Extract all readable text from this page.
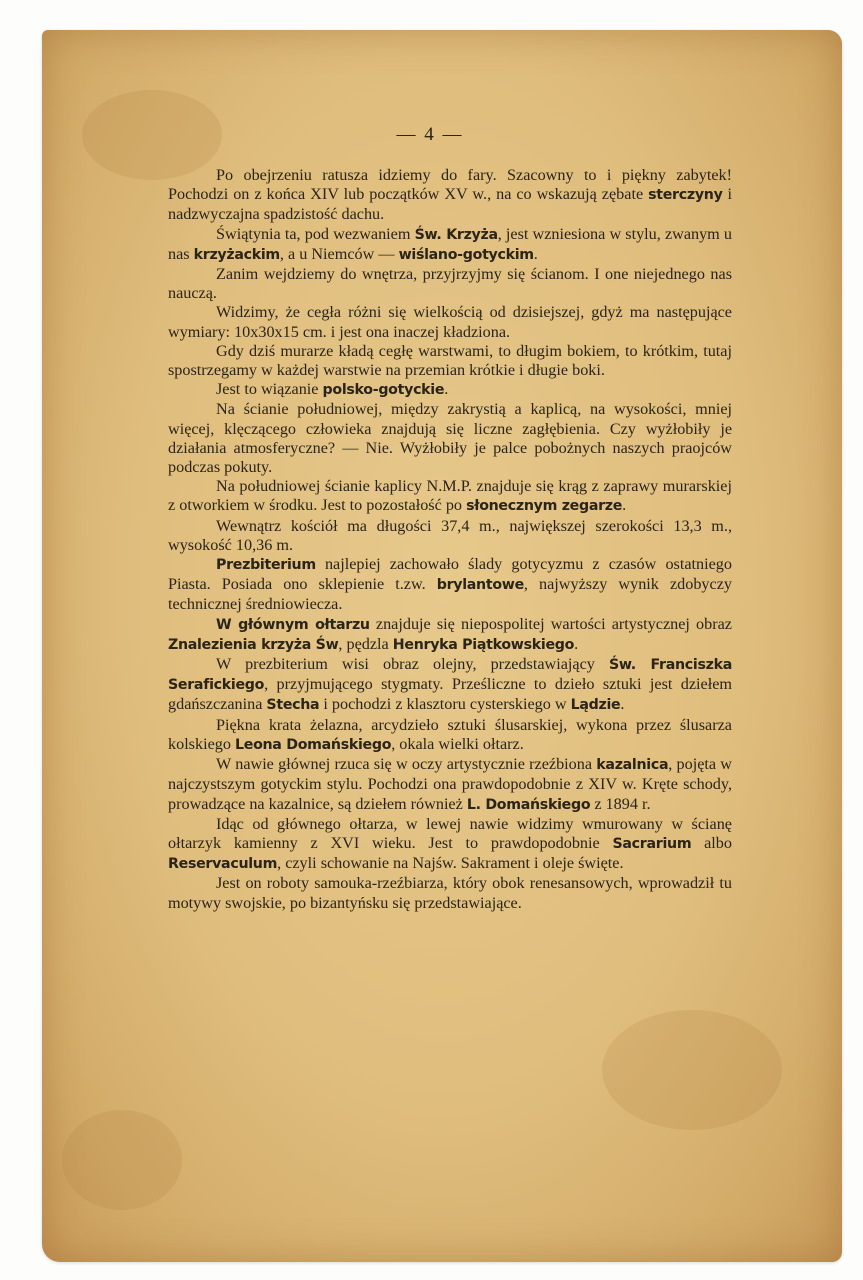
— 4 —

Po obejrzeniu ratusza idziemy do fary. Szacowny to i piękny zabytek! Pochodzi on z końca XIV lub początków XV w., na co wskazują zębate sterczyny i nadzwyczajna spadzistość dachu.

Świątynia ta, pod wezwaniem Św. Krzyża, jest wzniesiona w stylu, zwanym u nas krzyżackim, a u Niemców — wiślano-gotyckim.

Zanim wejdziemy do wnętrza, przyjrzyjmy się ścianom. I one niejednego nas nauczą.

Widzimy, że cegła różni się wielkością od dzisiejszej, gdyż ma następujące wymiary: 10x30x15 cm. i jest ona inaczej kładziona.

Gdy dziś murarze kładą cegłę warstwami, to długim bokiem, to krótkim, tutaj spostrzegamy w każdej warstwie na przemian krótkie i długie boki.

Jest to wiązanie polsko-gotyckie.

Na ścianie południowej, między zakrystią a kaplicą, na wysokości, mniej więcej, klęczącego człowieka znajdują się liczne zagłębienia. Czy wyżłobiły je działania atmosferyczne? — Nie. Wyżłobiły je palce pobożnych naszych praojców podczas pokuty.

Na południowej ścianie kaplicy N.M.P. znajduje się krąg z zaprawy murarskiej z otworkiem w środku. Jest to pozostałość po słonecznym zegarze.

Wewnątrz kościół ma długości 37,4 m., największej szerokości 13,3 m., wysokość 10,36 m.

Prezbiterium najlepiej zachowało ślady gotycyzmu z czasów ostatniego Piasta. Posiada ono sklepienie t.zw. brylantowe, najwyższy wynik zdobyczy technicznej średniowiecza.

W głównym ołtarzu znajduje się niepospolitej wartości artystycznej obraz Znalezienia krzyża Św, pędzla Henryka Piątkowskiego.

W prezbiterium wisi obraz olejny, przedstawiający Św. Franciszka Serafickiego, przyjmującego stygmaty. Prześliczne to dzieło sztuki jest dziełem gdańszczanina Stecha i pochodzi z klasztoru cysterskiego w Lądzie.

Piękna krata żelazna, arcydzieło sztuki ślusarskiej, wykona przez ślusarza kolskiego Leona Domańskiego, okala wielki ołtarz.

W nawie głównej rzuca się w oczy artystycznie rzeźbiona kazalnica, pojęta w najczystszym gotyckim stylu. Pochodzi ona prawdopodobnie z XIV w. Kręte schody, prowadzące na kazalnice, są dziełem również L. Domańskiego z 1894 r.

Idąc od głównego ołtarza, w lewej nawie widzimy wmurowany w ścianę ołtarzyk kamienny z XVI wieku. Jest to prawdopodobnie Sacrarium albo Reservaculum, czyli schowanie na Najśw. Sakrament i oleje święte.

Jest on roboty samouka-rzeźbiarza, który obok renesansowych, wprowadził tu motywy swojskie, po bizantyńsku się przedstawiające.
